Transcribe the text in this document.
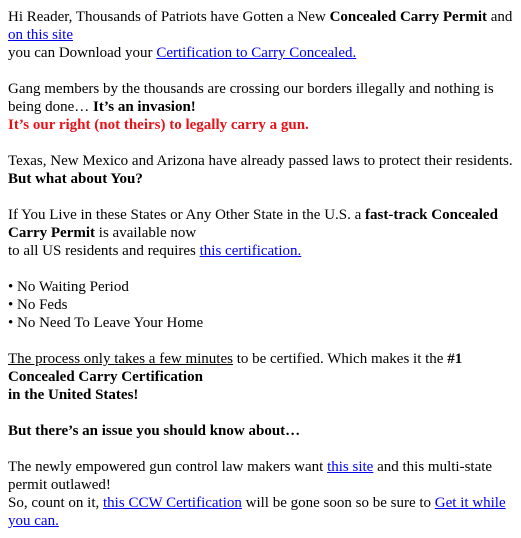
Hi Reader, Thousands of Patriots have Gotten a New Concealed Carry Permit and on this site
you can Download your Certification to Carry Concealed.

Gang members by the thousands are crossing our borders illegally and nothing is being done… It’s an invasion!
It’s our right (not theirs) to legally carry a gun.

Texas, New Mexico and Arizona have already passed laws to protect their residents. But what about You?

If You Live in these States or Any Other State in the U.S. a fast-track Concealed Carry Permit is available now
to all US residents and requires this certification.

• No Waiting Period
• No Feds
• No Need To Leave Your Home

The process only takes a few minutes to be certified. Which makes it the #1 Concealed Carry Certification
in the United States!

But there’s an issue you should know about…

The newly empowered gun control law makers want this site and this multi-state permit outlawed!
So, count on it, this CCW Certification will be gone soon so be sure to Get it while you can.
